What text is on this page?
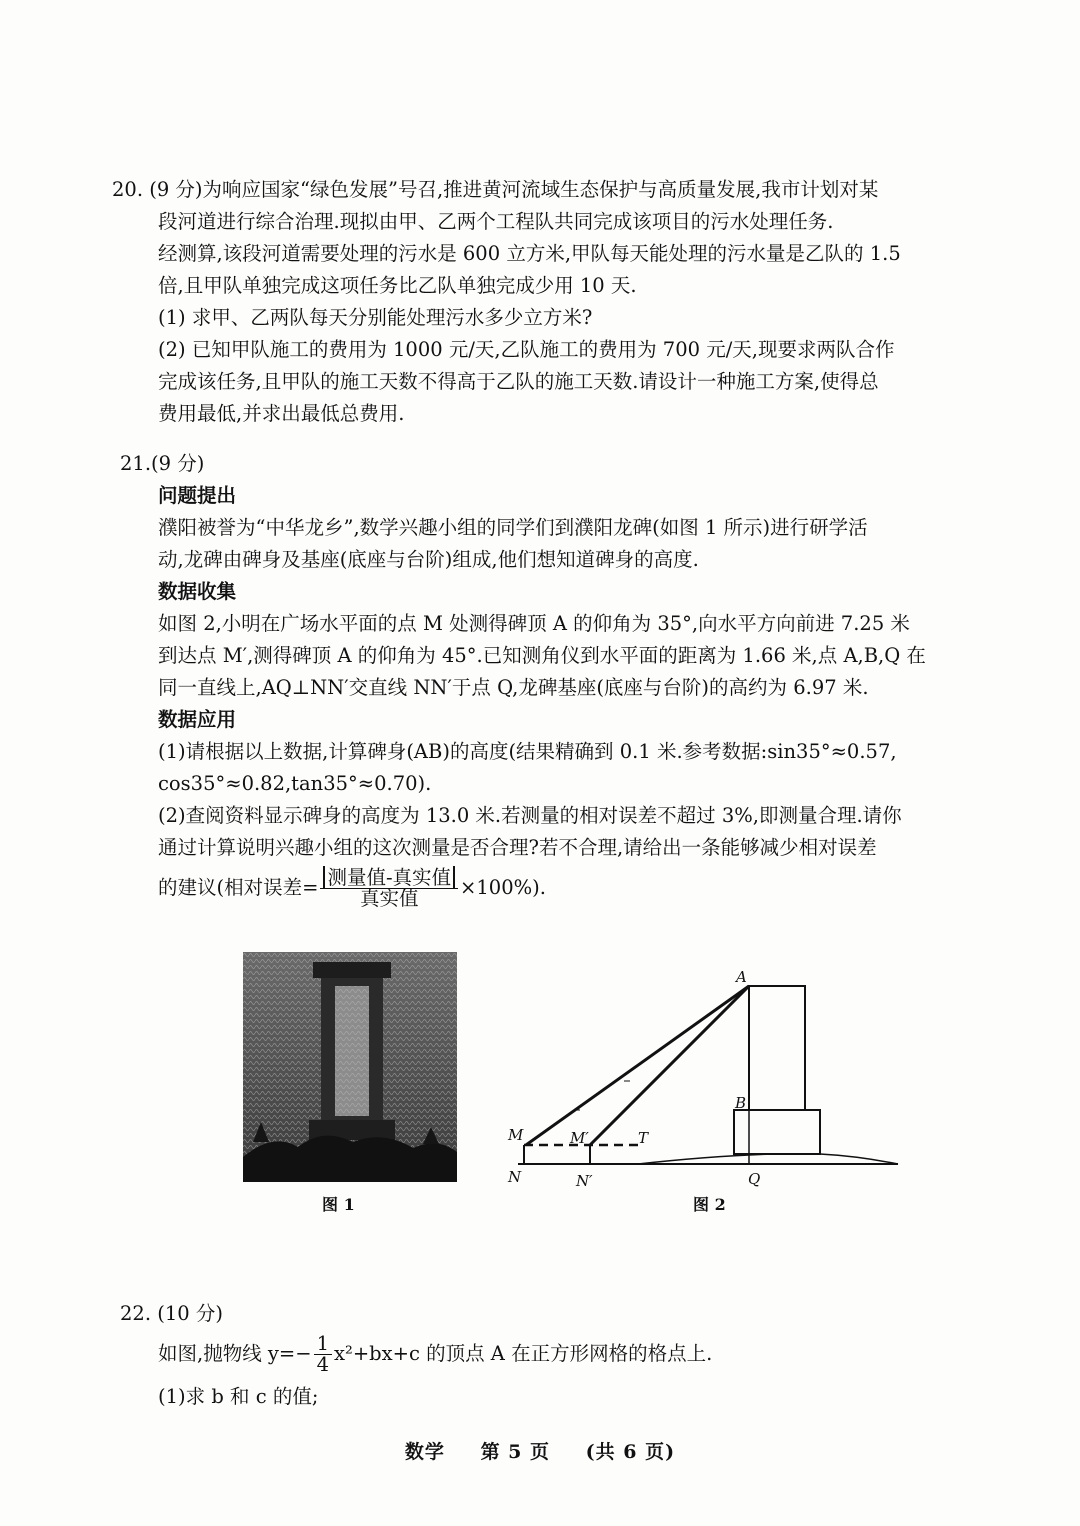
20. (9 分)为响应国家“绿色发展”号召,推进黄河流域生态保护与高质量发展,我市计划对某
段河道进行综合治理.现拟由甲、乙两个工程队共同完成该项目的污水处理任务.
经测算,该段河道需要处理的污水是 600 立方米,甲队每天能处理的污水量是乙队的 1.5
倍,且甲队单独完成这项任务比乙队单独完成少用 10 天.
(1) 求甲、乙两队每天分别能处理污水多少立方米?
(2) 已知甲队施工的费用为 1000 元/天,乙队施工的费用为 700 元/天,现要求两队合作
完成该任务,且甲队的施工天数不得高于乙队的施工天数.请设计一种施工方案,使得总
费用最低,并求出最低总费用.
21.(9 分)
问题提出
濮阳被誉为“中华龙乡”,数学兴趣小组的同学们到濮阳龙碑(如图 1 所示)进行研学活
动,龙碑由碑身及基座(底座与台阶)组成,他们想知道碑身的高度.
数据收集
如图 2,小明在广场水平面的点 M 处测得碑顶 A 的仰角为 35°,向水平方向前进 7.25 米
到达点 M′,测得碑顶 A 的仰角为 45°.已知测角仪到水平面的距离为 1.66 米,点 A,B,Q 在
同一直线上,AQ⊥NN′交直线 NN′于点 Q,龙碑基座(底座与台阶)的高约为 6.97 米.
数据应用
(1)请根据以上数据,计算碑身(AB)的高度(结果精确到 0.1 米.参考数据:sin35°≈0.57,
cos35°≈0.82,tan35°≈0.70).
(2)查阅资料显示碑身的高度为 13.0 米.若测量的相对误差不超过 3%,即测量合理.请你
通过计算说明兴趣小组的这次测量是否合理?若不合理,请给出一条能够减少相对误差
的建议(相对误差= $\frac{\text{测量值-真实值}}{\text{真实值}} \times 100\%$).
图 1
A
B
M	M′	T
N	N′	Q
图 2
22. (10 分)
如图,抛物线 $y=- \frac{1}{4} x^2+bx+c$ 的顶点 A 在正方形网格的格点上.
(1)求 b 和 c 的值;
数学 第 5 页 (共 6 页)
